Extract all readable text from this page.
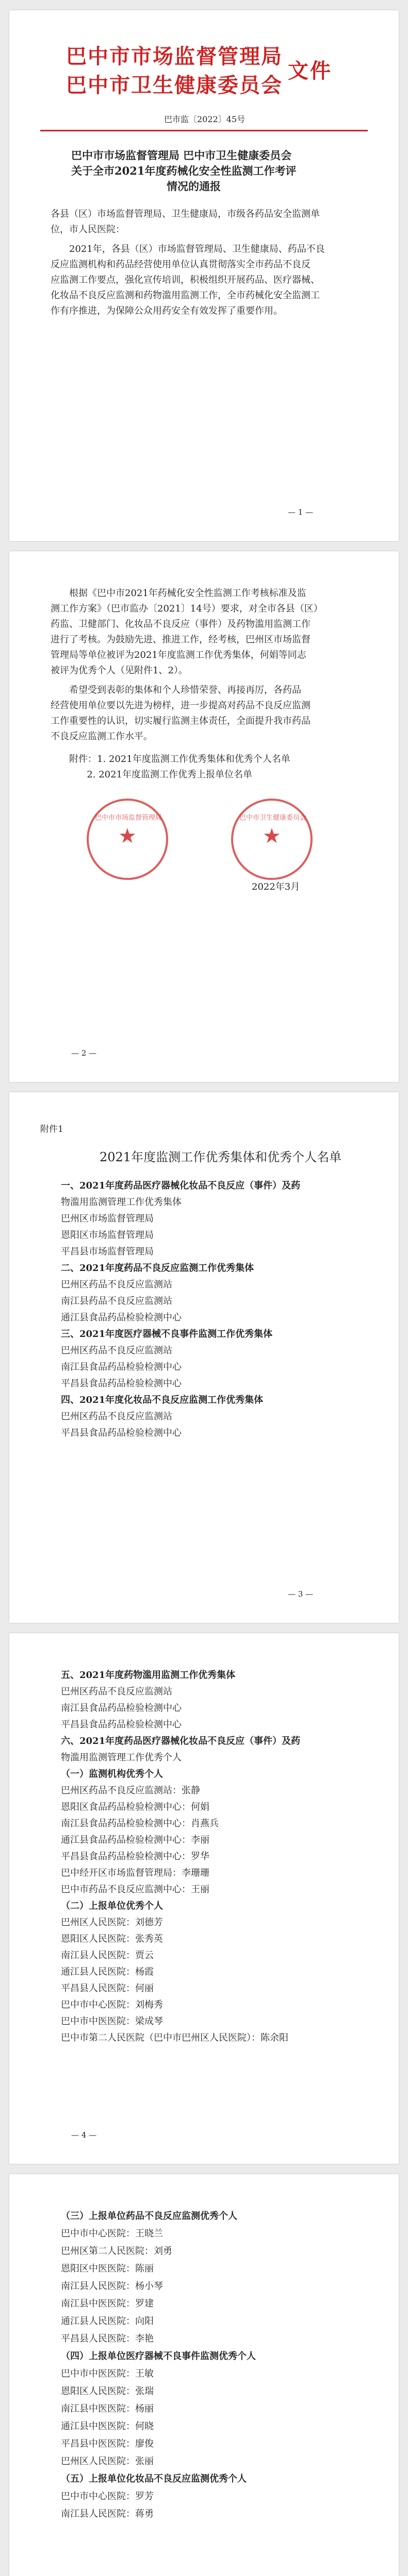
巴中市市场监督管理局
巴中市卫生健康委员会
文件
巴市监〔2022〕45号
巴中市市场监督管理局 巴中市卫生健康委员会
关于全市2021年度药械化安全性监测工作考评
情况的通报
各县（区）市场监督管理局、卫生健康局，市级各药品安全监测单
位，市人民医院：
2021年，各县（区）市场监督管理局、卫生健康局、药品不良
反应监测机构和药品经营使用单位认真贯彻落实全市药品不良反
应监测工作要点，强化宣传培训，积极组织开展药品、医疗器械、
化妆品不良反应监测和药物滥用监测工作，全市药械化安全监测工
作有序推进，为保障公众用药安全有效发挥了重要作用。
— 1 —
根据《巴中市2021年药械化安全性监测工作考核标准及监
测工作方案》（巴市监办〔2021〕14号）要求，对全市各县（区）
药监、卫健部门、化妆品不良反应（事件）及药物滥用监测工作
进行了考核。为鼓励先进、推进工作，经考核，巴州区市场监督
管理局等单位被评为2021年度监测工作优秀集体，何娟等同志
被评为优秀个人（见附件1、2）。
希望受到表彰的集体和个人珍惜荣誉、再接再厉，各药品
经营使用单位要以先进为榜样，进一步提高对药品不良反应监测
工作重要性的认识，切实履行监测主体责任，全面提升我市药品
不良反应监测工作水平。
附件：1. 2021年度监测工作优秀集体和优秀个人名单
2. 2021年度监测工作优秀上报单位名单
巴中市市场监督管理局
★
巴中市卫生健康委员会
★
2022年3月
— 2 —
附件1
2021年度监测工作优秀集体和优秀个人名单
一、2021年度药品医疗器械化妆品不良反应（事件）及药
物滥用监测管理工作优秀集体
巴州区市场监督管理局
恩阳区市场监督管理局
平昌县市场监督管理局
二、2021年度药品不良反应监测工作优秀集体
巴州区药品不良反应监测站
南江县药品不良反应监测站
通江县食品药品检验检测中心
三、2021年度医疗器械不良事件监测工作优秀集体
巴州区药品不良反应监测站
南江县食品药品检验检测中心
平昌县食品药品检验检测中心
四、2021年度化妆品不良反应监测工作优秀集体
巴州区药品不良反应监测站
平昌县食品药品检验检测中心
— 3 —
五、2021年度药物滥用监测工作优秀集体
巴州区药品不良反应监测站
南江县食品药品检验检测中心
平昌县食品药品检验检测中心
六、2021年度药品医疗器械化妆品不良反应（事件）及药
物滥用监测管理工作优秀个人
（一）监测机构优秀个人
巴州区药品不良反应监测站：张静
恩阳区食品药品检验检测中心：何娟
南江县食品药品检验检测中心：肖燕兵
通江县食品药品检验检测中心：李丽
平昌县食品药品检验检测中心：罗华
巴中经开区市场监督管理局：李珊珊
巴中市药品不良反应监测中心：王丽
（二）上报单位优秀个人
巴州区人民医院：刘德芳
恩阳区人民医院：张秀英
南江县人民医院：贾云
通江县人民医院：杨霞
平昌县人民医院：何丽
巴中市中心医院：刘梅秀
巴中市中医医院：梁成琴
巴中市第二人民医院（巴中市巴州区人民医院）：陈余阳
— 4 —
（三）上报单位药品不良反应监测优秀个人
巴中市中心医院：王晓兰
巴州区第二人民医院：刘勇
恩阳区中医医院：陈丽
南江县人民医院：杨小琴
南江县中医医院：罗建
通江县人民医院：向阳
平昌县人民医院：李艳
（四）上报单位医疗器械不良事件监测优秀个人
巴中市中医医院：王敏
恩阳区人民医院：张瑞
南江县中医医院：杨丽
通江县中医医院：何晓
平昌县中医医院：廖俊
巴州区人民医院：张丽
（五）上报单位化妆品不良反应监测优秀个人
巴中市中心医院：罗芳
南江县人民医院：蒋勇
